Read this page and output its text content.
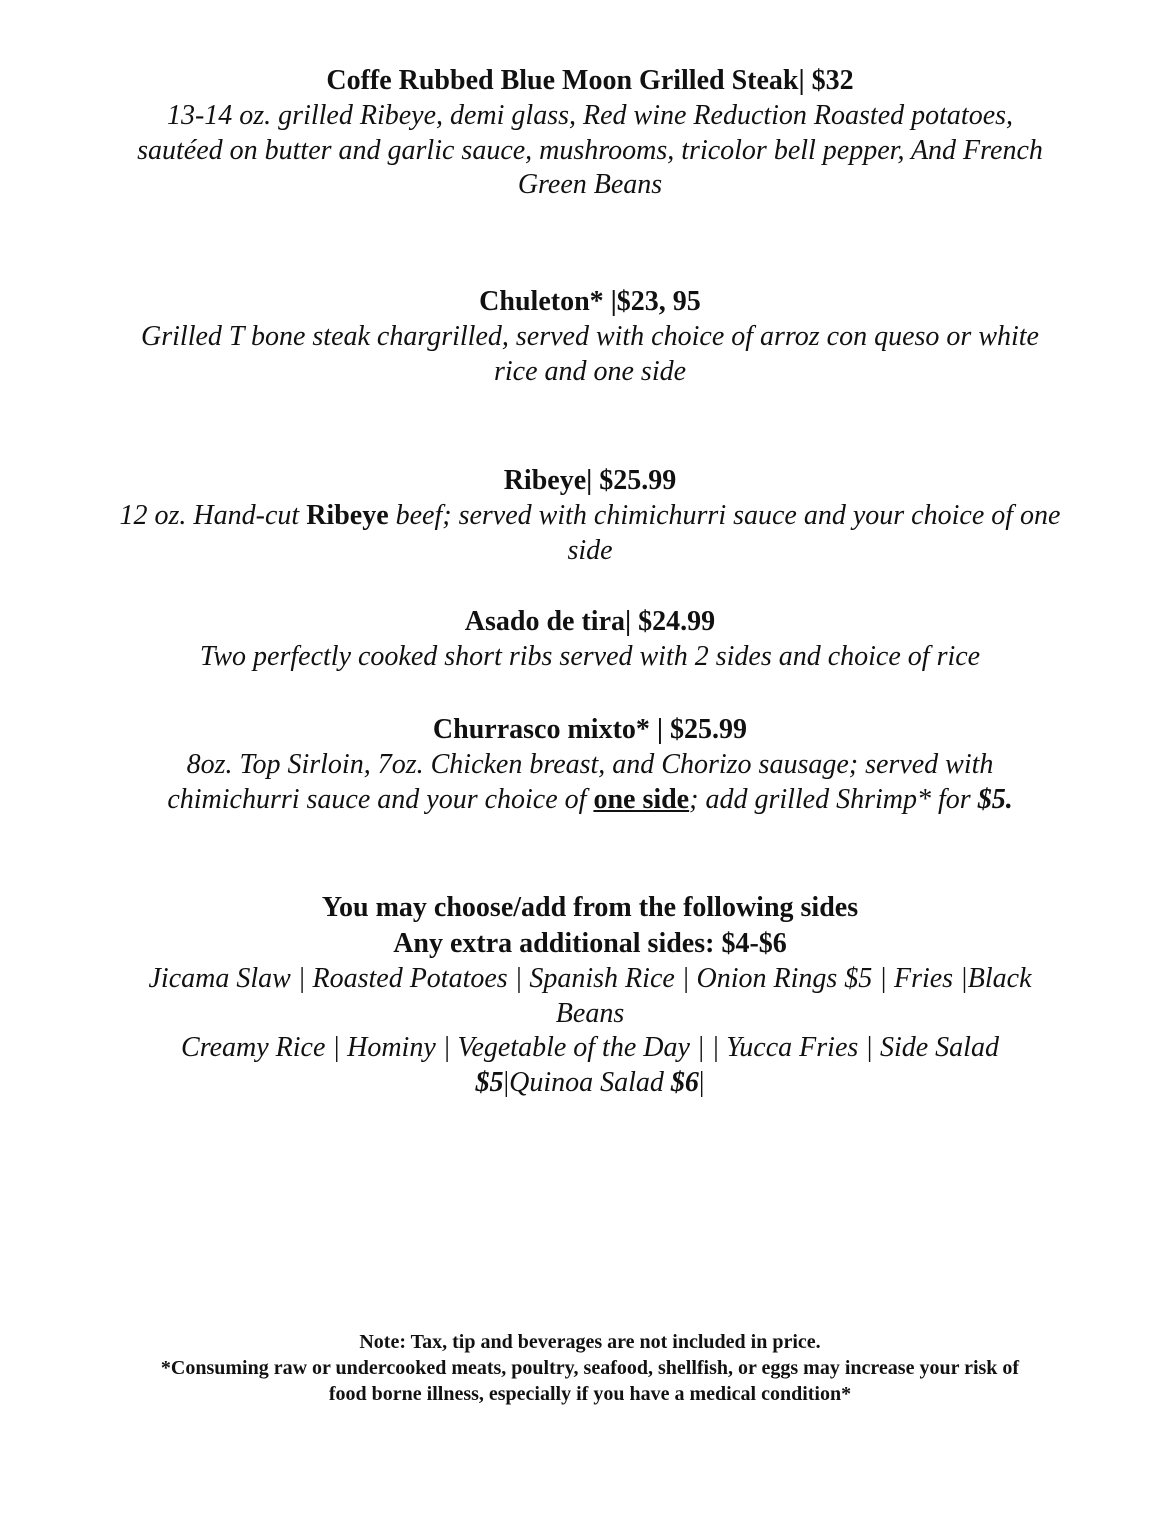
Coffe Rubbed Blue Moon Grilled Steak| $32

13-14 oz. grilled Ribeye, demi glass, Red wine Reduction Roasted potatoes,

sautéed on butter and garlic sauce, mushrooms, tricolor bell pepper, And French

Green Beans

Chuleton* |$23, 95

Grilled T bone steak chargrilled, served with choice of arroz con queso or white

rice and one side

Ribeye| $25.99

12 oz. Hand-cut Ribeye beef; served with chimichurri sauce and your choice of one

side

Asado de tira| $24.99

Two perfectly cooked short ribs served with 2 sides and choice of rice

Churrasco mixto* | $25.99

8oz. Top Sirloin, 7oz. Chicken breast, and Chorizo sausage; served with

chimichurri sauce and your choice of one side; add grilled Shrimp* for $5.

You may choose/add from the following sides

Any extra additional sides: $4-$6

Jicama Slaw | Roasted Potatoes | Spanish Rice | Onion Rings $5 | Fries |Black

Beans

Creamy Rice | Hominy | Vegetable of the Day | | Yucca Fries | Side Salad

$5|Quinoa Salad $6|

Note: Tax, tip and beverages are not included in price.
*Consuming raw or undercooked meats, poultry, seafood, shellfish, or eggs may increase your risk of
food borne illness, especially if you have a medical condition*
